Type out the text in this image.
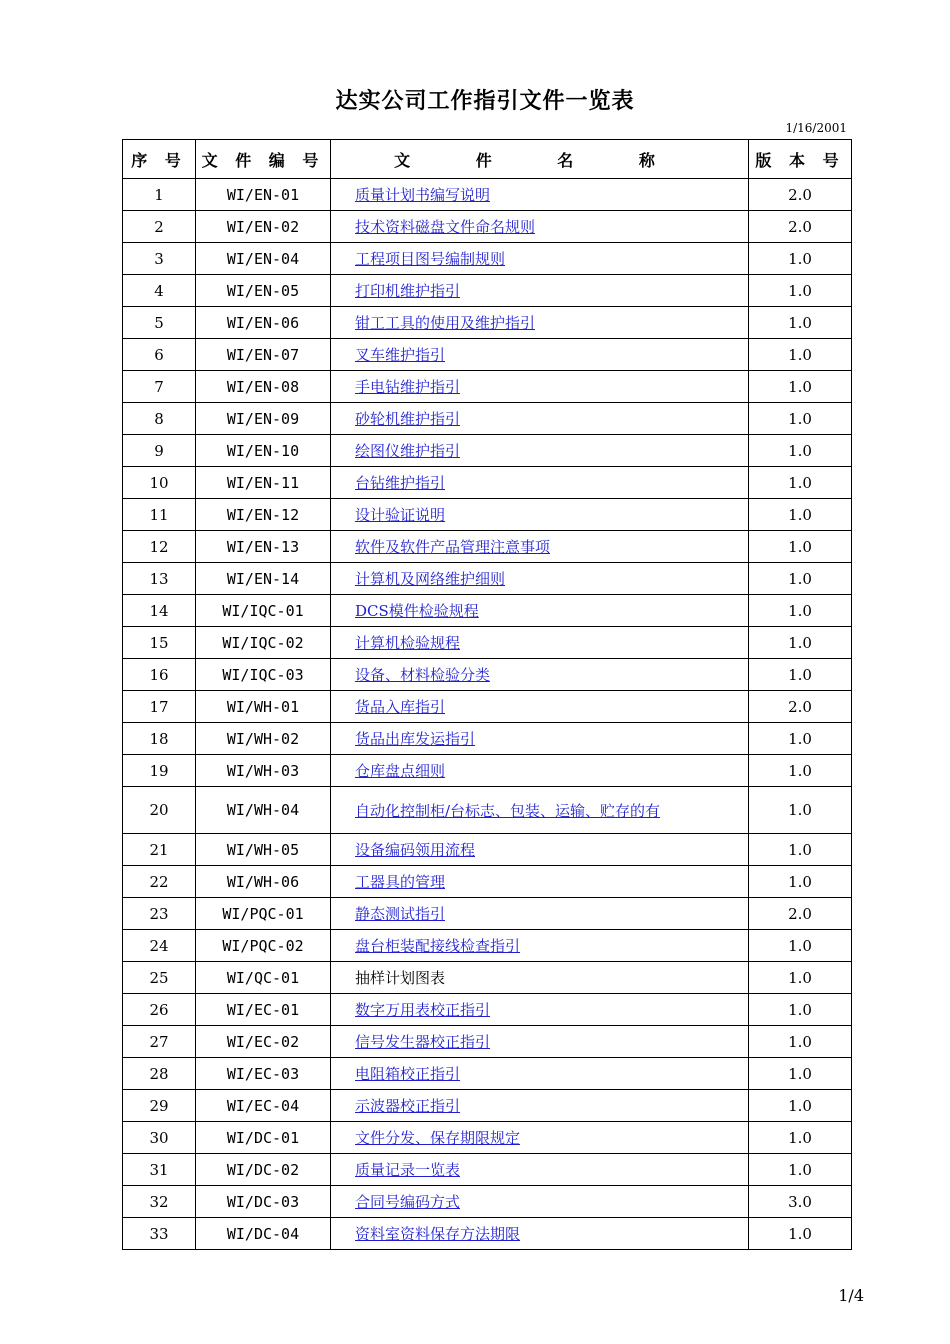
达实公司工作指引文件一览表
1/16/2001
序 号	文 件 编 号	文 件 名 称	版 本 号
1	WI/EN-01	质量计划书编写说明	2.0
2	WI/EN-02	技术资料磁盘文件命名规则	2.0
3	WI/EN-04	工程项目图号编制规则	1.0
4	WI/EN-05	打印机维护指引	1.0
5	WI/EN-06	钳工工具的使用及维护指引	1.0
6	WI/EN-07	叉车维护指引	1.0
7	WI/EN-08	手电钻维护指引	1.0
8	WI/EN-09	砂轮机维护指引	1.0
9	WI/EN-10	绘图仪维护指引	1.0
10	WI/EN-11	台钻维护指引	1.0
11	WI/EN-12	设计验证说明	1.0
12	WI/EN-13	软件及软件产品管理注意事项	1.0
13	WI/EN-14	计算机及网络维护细则	1.0
14	WI/IQC-01	DCS模件检验规程	1.0
15	WI/IQC-02	计算机检验规程	1.0
16	WI/IQC-03	设备、材料检验分类	1.0
17	WI/WH-01	货品入库指引	2.0
18	WI/WH-02	货品出库发运指引	1.0
19	WI/WH-03	仓库盘点细则	1.0
20	WI/WH-04	自动化控制柜/台标志、包装、运输、贮存的有	1.0
21	WI/WH-05	设备编码领用流程	1.0
22	WI/WH-06	工器具的管理	1.0
23	WI/PQC-01	静态测试指引	2.0
24	WI/PQC-02	盘台柜装配接线检查指引	1.0
25	WI/QC-01	抽样计划图表	1.0
26	WI/EC-01	数字万用表校正指引	1.0
27	WI/EC-02	信号发生器校正指引	1.0
28	WI/EC-03	电阻箱校正指引	1.0
29	WI/EC-04	示波器校正指引	1.0
30	WI/DC-01	文件分发、保存期限规定	1.0
31	WI/DC-02	质量记录一览表	1.0
32	WI/DC-03	合同号编码方式	3.0
33	WI/DC-04	资料室资料保存方法期限	1.0
1/4
